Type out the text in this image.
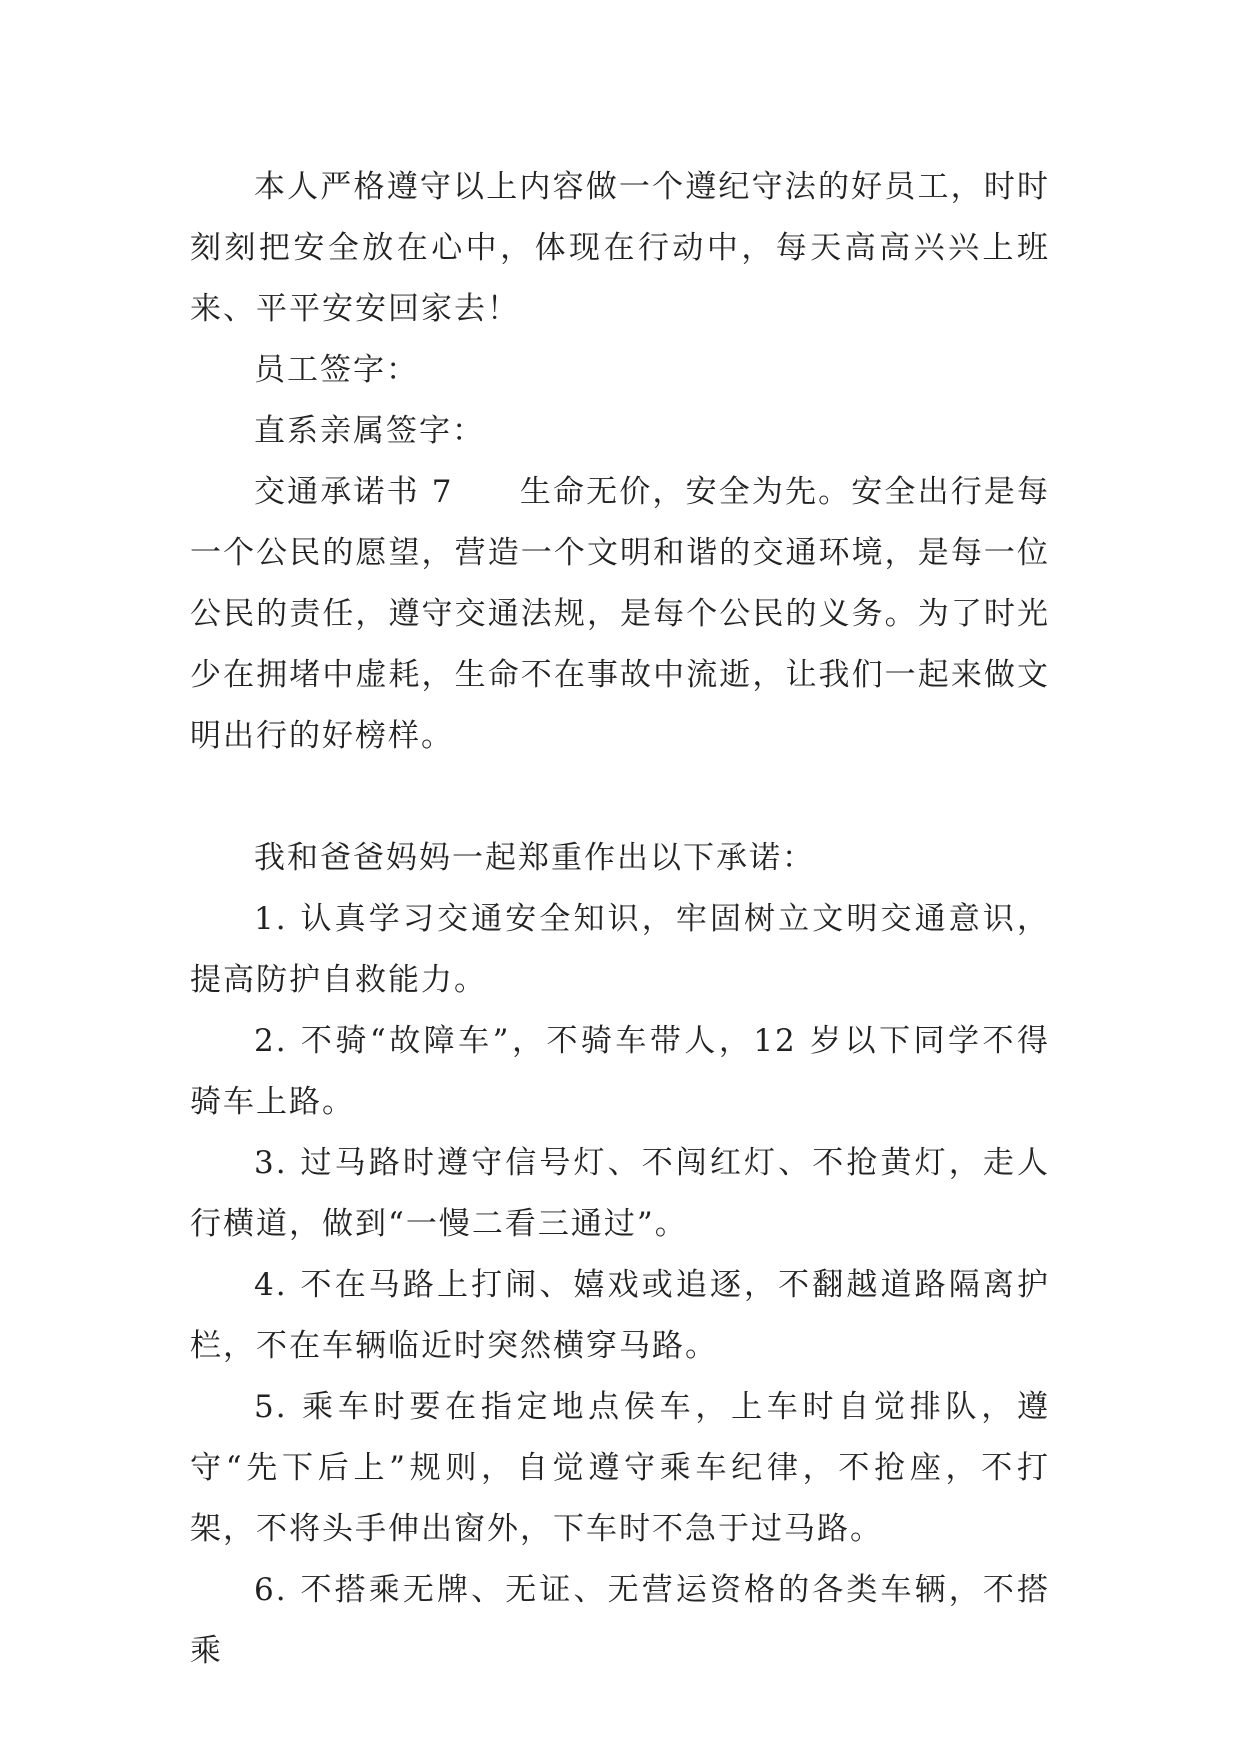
本人严格遵守以上内容做一个遵纪守法的好员工，时时刻刻把安全放在心中，体现在行动中，每天高高兴兴上班来、平平安安回家去！

员工签字：

直系亲属签字：

交通承诺书 7　　生命无价，安全为先。安全出行是每一个公民的愿望，营造一个文明和谐的交通环境，是每一位公民的责任，遵守交通法规，是每个公民的义务。为了时光少在拥堵中虚耗，生命不在事故中流逝，让我们一起来做文明出行的好榜样。

我和爸爸妈妈一起郑重作出以下承诺：

1. 认真学习交通安全知识，牢固树立文明交通意识，提高防护自救能力。

2. 不骑“故障车”，不骑车带人，12 岁以下同学不得骑车上路。

3. 过马路时遵守信号灯、不闯红灯、不抢黄灯，走人行横道，做到“一慢二看三通过”。

4. 不在马路上打闹、嬉戏或追逐，不翻越道路隔离护栏，不在车辆临近时突然横穿马路。

5. 乘车时要在指定地点侯车，上车时自觉排队，遵守“先下后上”规则，自觉遵守乘车纪律，不抢座，不打架，不将头手伸出窗外，下车时不急于过马路。

6. 不搭乘无牌、无证、无营运资格的各类车辆，不搭乘
